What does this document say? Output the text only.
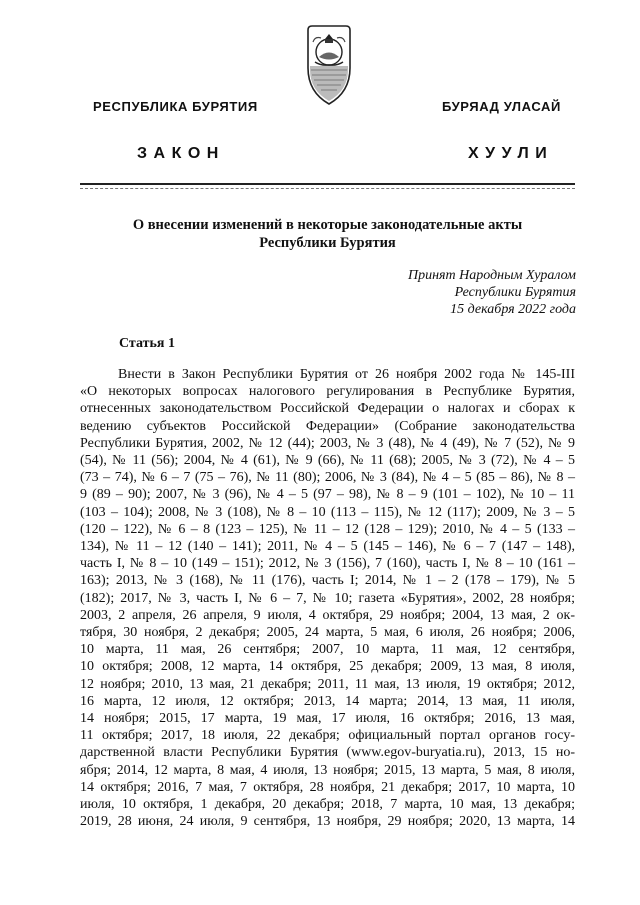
РЕСПУБЛИКА БУРЯТИЯ	БУРЯАД УЛАСАЙ
ЗАКОН	ХУУЛИ
О внесении изменений в некоторые законодательные акты
Республики Бурятия
Принят Народным Хуралом
Республики Бурятия
15 декабря 2022 года
Статья 1
Внести в Закон Республики Бурятия от 26 ноября 2002 года № 145-III
«О некоторых вопросах налогового регулирования в Республике Бурятия,
отнесенных законодательством Российской Федерации о налогах и сборах к
ведению субъектов Российской Федерации» (Собрание законодательства
Республики Бурятия, 2002, № 12 (44); 2003, № 3 (48), № 4 (49), № 7 (52), № 9
(54), № 11 (56); 2004, № 4 (61), № 9 (66), № 11 (68); 2005, № 3 (72), № 4 – 5
(73 – 74), № 6 – 7 (75 – 76), № 11 (80); 2006, № 3 (84), № 4 – 5 (85 – 86), № 8 –
9 (89 – 90); 2007, № 3 (96), № 4 – 5 (97 – 98), № 8 – 9 (101 – 102), № 10 – 11
(103 – 104); 2008, № 3 (108), № 8 – 10 (113 – 115), № 12 (117); 2009, № 3 – 5
(120 – 122), № 6 – 8 (123 – 125), № 11 – 12 (128 – 129); 2010, № 4 – 5 (133 –
134), № 11 – 12 (140 – 141); 2011, № 4 – 5 (145 – 146), № 6 – 7 (147 – 148),
часть I, № 8 – 10 (149 – 151); 2012, № 3 (156), 7 (160), часть I, № 8 – 10 (161 –
163); 2013, № 3 (168), № 11 (176), часть I; 2014, № 1 – 2 (178 – 179), № 5
(182); 2017, № 3, часть I, № 6 – 7, № 10; газета «Бурятия», 2002, 28 ноября;
2003, 2 апреля, 26 апреля, 9 июля, 4 октября, 29 ноября; 2004, 13 мая, 2 ок-
тября, 30 ноября, 2 декабря; 2005, 24 марта, 5 мая, 6 июля, 26 ноября; 2006,
10 марта, 11 мая, 26 сентября; 2007, 10 марта, 11 мая, 12 сентября,
10 октября; 2008, 12 марта, 14 октября, 25 декабря; 2009, 13 мая, 8 июля,
12 ноября; 2010, 13 мая, 21 декабря; 2011, 11 мая, 13 июля, 19 октября; 2012,
16 марта, 12 июля, 12 октября; 2013, 14 марта; 2014, 13 мая, 11 июля,
14 ноября; 2015, 17 марта, 19 мая, 17 июля, 16 октября; 2016, 13 мая,
11 октября; 2017, 18 июля, 22 декабря; официальный портал органов госу-
дарственной власти Республики Бурятия (www.egov-buryatia.ru), 2013, 15 но-
ября; 2014, 12 марта, 8 мая, 4 июля, 13 ноября; 2015, 13 марта, 5 мая, 8 июля,
14 октября; 2016, 7 мая, 7 октября, 28 ноября, 21 декабря; 2017, 10 марта, 10
июля, 10 октября, 1 декабря, 20 декабря; 2018, 7 марта, 10 мая, 13 декабря;
2019, 28 июня, 24 июля, 9 сентября, 13 ноября, 29 ноября; 2020, 13 марта, 14
